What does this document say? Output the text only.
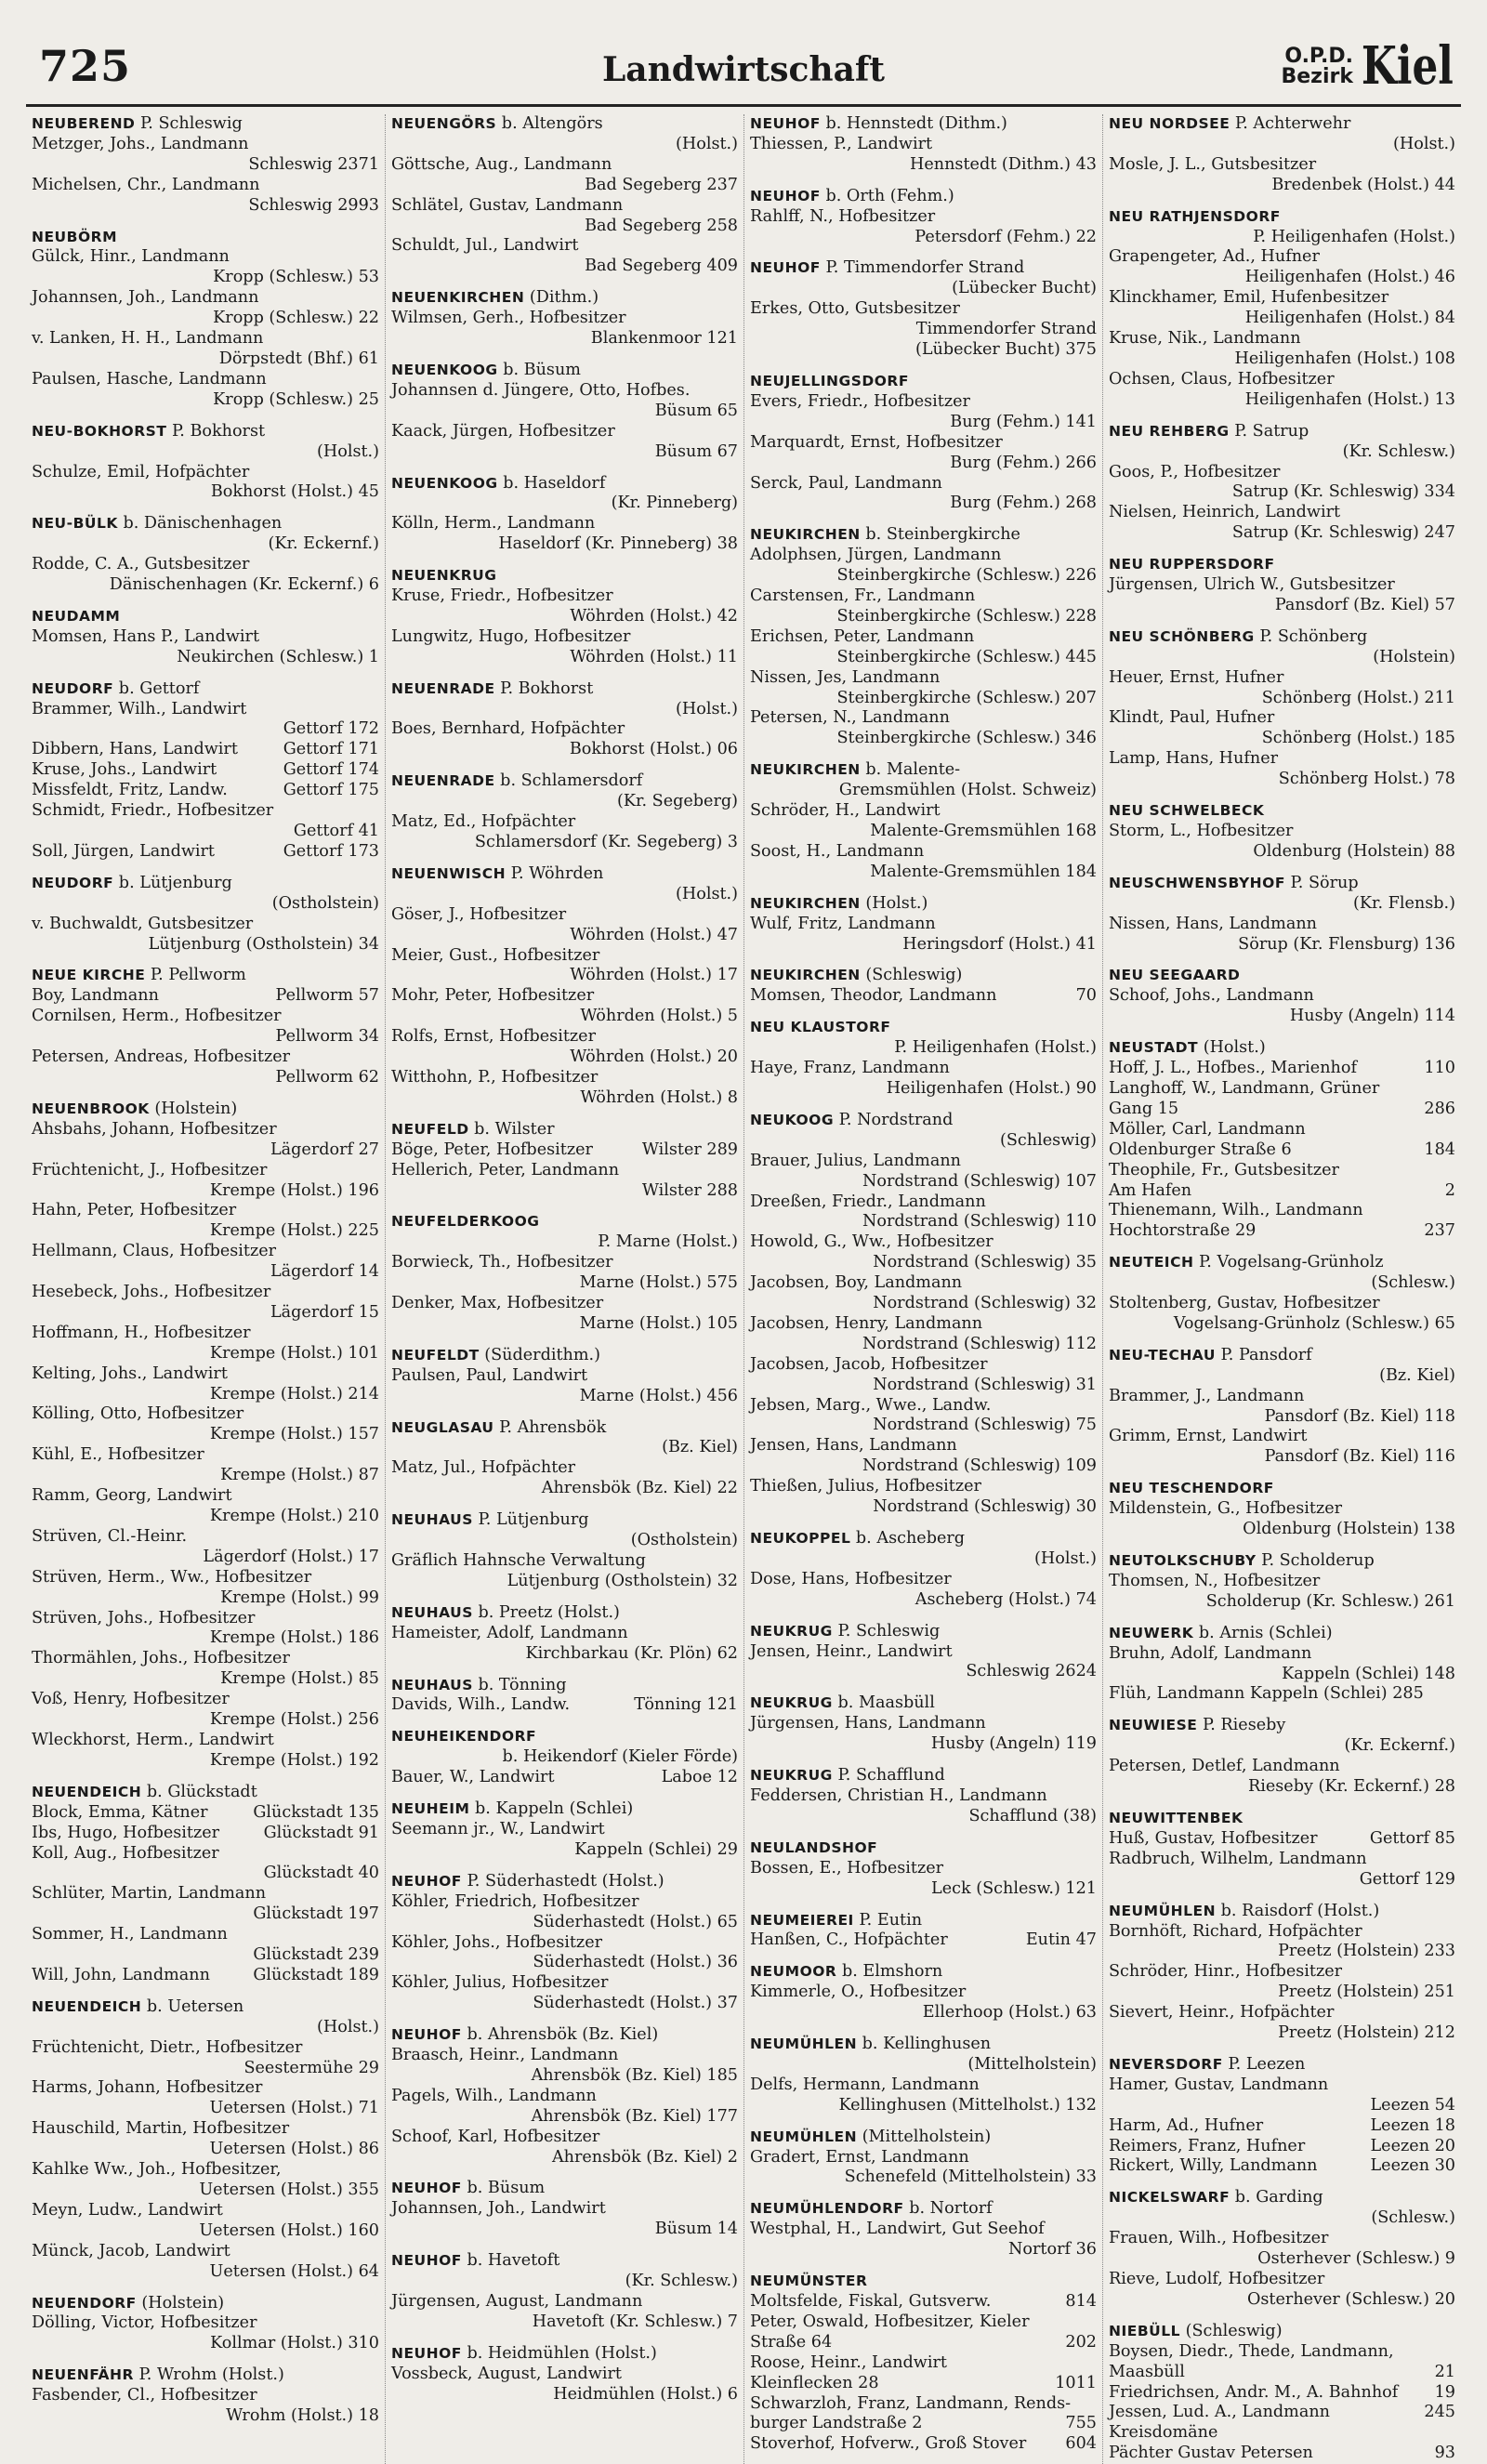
725	Landwirtschaft	O.P.D.
Bezirk Kiel
NEUBEREND P. Schleswig
Metzger, Johs., Landmann
Schleswig 2371
Michelsen, Chr., Landmann
Schleswig 2993
NEUBÖRM
Gülck, Hinr., Landmann
Kropp (Schlesw.) 53
Johannsen, Joh., Landmann
Kropp (Schlesw.) 22
v. Lanken, H. H., Landmann
Dörpstedt (Bhf.) 61
Paulsen, Hasche, Landmann
Kropp (Schlesw.) 25
NEU-BOKHORST P. Bokhorst
(Holst.)
Schulze, Emil, Hofpächter
Bokhorst (Holst.) 45
NEU-BÜLK b. Dänischenhagen
(Kr. Eckernf.)
Rodde, C. A., Gutsbesitzer
Dänischenhagen (Kr. Eckernf.) 6
NEUDAMM
Momsen, Hans P., Landwirt
Neukirchen (Schlesw.) 1
NEUDORF b. Gettorf
Brammer, Wilh., Landwirt
Gettorf 172
Dibbern, Hans, Landwirt	Gettorf 171
Kruse, Johs., Landwirt	Gettorf 174
Missfeldt, Fritz, Landw.	Gettorf 175
Schmidt, Friedr., Hofbesitzer
Gettorf 41
Soll, Jürgen, Landwirt	Gettorf 173
NEUDORF b. Lütjenburg
(Ostholstein)
v. Buchwaldt, Gutsbesitzer
Lütjenburg (Ostholstein) 34
NEUE KIRCHE P. Pellworm
Boy, Landmann	Pellworm 57
Cornilsen, Herm., Hofbesitzer
Pellworm 34
Petersen, Andreas, Hofbesitzer
Pellworm 62
NEUENBROOK (Holstein)
Ahsbahs, Johann, Hofbesitzer
Lägerdorf 27
Früchtenicht, J., Hofbesitzer
Krempe (Holst.) 196
Hahn, Peter, Hofbesitzer
Krempe (Holst.) 225
Hellmann, Claus, Hofbesitzer
Lägerdorf 14
Hesebeck, Johs., Hofbesitzer
Lägerdorf 15
Hoffmann, H., Hofbesitzer
Krempe (Holst.) 101
Kelting, Johs., Landwirt
Krempe (Holst.) 214
Kölling, Otto, Hofbesitzer
Krempe (Holst.) 157
Kühl, E., Hofbesitzer
Krempe (Holst.) 87
Ramm, Georg, Landwirt
Krempe (Holst.) 210
Strüven, Cl.-Heinr.
Lägerdorf (Holst.) 17
Strüven, Herm., Ww., Hofbesitzer
Krempe (Holst.) 99
Strüven, Johs., Hofbesitzer
Krempe (Holst.) 186
Thormählen, Johs., Hofbesitzer
Krempe (Holst.) 85
Voß, Henry, Hofbesitzer
Krempe (Holst.) 256
Wleckhorst, Herm., Landwirt
Krempe (Holst.) 192
NEUENDEICH b. Glückstadt
Block, Emma, Kätner	Glückstadt 135
Ibs, Hugo, Hofbesitzer	Glückstadt 91
Koll, Aug., Hofbesitzer
Glückstadt 40
Schlüter, Martin, Landmann
Glückstadt 197
Sommer, H., Landmann
Glückstadt 239
Will, John, Landmann	Glückstadt 189
NEUENDEICH b. Uetersen
(Holst.)
Früchtenicht, Dietr., Hofbesitzer
Seestermühe 29
Harms, Johann, Hofbesitzer
Uetersen (Holst.) 71
Hauschild, Martin, Hofbesitzer
Uetersen (Holst.) 86
Kahlke Ww., Joh., Hofbesitzer,
Uetersen (Holst.) 355
Meyn, Ludw., Landwirt
Uetersen (Holst.) 160
Münck, Jacob, Landwirt
Uetersen (Holst.) 64
NEUENDORF (Holstein)
Dölling, Victor, Hofbesitzer
Kollmar (Holst.) 310
NEUENFÄHR P. Wrohm (Holst.)
Fasbender, Cl., Hofbesitzer
Wrohm (Holst.) 18
NEUENGÖRS b. Altengörs
(Holst.)
Göttsche, Aug., Landmann
Bad Segeberg 237
Schlätel, Gustav, Landmann
Bad Segeberg 258
Schuldt, Jul., Landwirt
Bad Segeberg 409
NEUENKIRCHEN (Dithm.)
Wilmsen, Gerh., Hofbesitzer
Blankenmoor 121
NEUENKOOG b. Büsum
Johannsen d. Jüngere, Otto, Hofbes.
Büsum 65
Kaack, Jürgen, Hofbesitzer
Büsum 67
NEUENKOOG b. Haseldorf
(Kr. Pinneberg)
Kölln, Herm., Landmann
Haseldorf (Kr. Pinneberg) 38
NEUENKRUG
Kruse, Friedr., Hofbesitzer
Wöhrden (Holst.) 42
Lungwitz, Hugo, Hofbesitzer
Wöhrden (Holst.) 11
NEUENRADE P. Bokhorst
(Holst.)
Boes, Bernhard, Hofpächter
Bokhorst (Holst.) 06
NEUENRADE b. Schlamersdorf
(Kr. Segeberg)
Matz, Ed., Hofpächter
Schlamersdorf (Kr. Segeberg) 3
NEUENWISCH P. Wöhrden
(Holst.)
Göser, J., Hofbesitzer
Wöhrden (Holst.) 47
Meier, Gust., Hofbesitzer
Wöhrden (Holst.) 17
Mohr, Peter, Hofbesitzer
Wöhrden (Holst.) 5
Rolfs, Ernst, Hofbesitzer
Wöhrden (Holst.) 20
Witthohn, P., Hofbesitzer
Wöhrden (Holst.) 8
NEUFELD b. Wilster
Böge, Peter, Hofbesitzer	Wilster 289
Hellerich, Peter, Landmann
Wilster 288
NEUFELDERKOOG
P. Marne (Holst.)
Borwieck, Th., Hofbesitzer
Marne (Holst.) 575
Denker, Max, Hofbesitzer
Marne (Holst.) 105
NEUFELDT (Süderdithm.)
Paulsen, Paul, Landwirt
Marne (Holst.) 456
NEUGLASAU P. Ahrensbök
(Bz. Kiel)
Matz, Jul., Hofpächter
Ahrensbök (Bz. Kiel) 22
NEUHAUS P. Lütjenburg
(Ostholstein)
Gräflich Hahnsche Verwaltung
Lütjenburg (Ostholstein) 32
NEUHAUS b. Preetz (Holst.)
Hameister, Adolf, Landmann
Kirchbarkau (Kr. Plön) 62
NEUHAUS b. Tönning
Davids, Wilh., Landw.	Tönning 121
NEUHEIKENDORF
b. Heikendorf (Kieler Förde)
Bauer, W., Landwirt	Laboe 12
NEUHEIM b. Kappeln (Schlei)
Seemann jr., W., Landwirt
Kappeln (Schlei) 29
NEUHOF P. Süderhastedt (Holst.)
Köhler, Friedrich, Hofbesitzer
Süderhastedt (Holst.) 65
Köhler, Johs., Hofbesitzer
Süderhastedt (Holst.) 36
Köhler, Julius, Hofbesitzer
Süderhastedt (Holst.) 37
NEUHOF b. Ahrensbök (Bz. Kiel)
Braasch, Heinr., Landmann
Ahrensbök (Bz. Kiel) 185
Pagels, Wilh., Landmann
Ahrensbök (Bz. Kiel) 177
Schoof, Karl, Hofbesitzer
Ahrensbök (Bz. Kiel) 2
NEUHOF b. Büsum
Johannsen, Joh., Landwirt
Büsum 14
NEUHOF b. Havetoft
(Kr. Schlesw.)
Jürgensen, August, Landmann
Havetoft (Kr. Schlesw.) 7
NEUHOF b. Heidmühlen (Holst.)
Vossbeck, August, Landwirt
Heidmühlen (Holst.) 6
NEUHOF b. Hennstedt (Dithm.)
Thiessen, P., Landwirt
Hennstedt (Dithm.) 43
NEUHOF b. Orth (Fehm.)
Rahlff, N., Hofbesitzer
Petersdorf (Fehm.) 22
NEUHOF P. Timmendorfer Strand
(Lübecker Bucht)
Erkes, Otto, Gutsbesitzer
Timmendorfer Strand
(Lübecker Bucht) 375
NEUJELLINGSDORF
Evers, Friedr., Hofbesitzer
Burg (Fehm.) 141
Marquardt, Ernst, Hofbesitzer
Burg (Fehm.) 266
Serck, Paul, Landmann
Burg (Fehm.) 268
NEUKIRCHEN b. Steinbergkirche
Adolphsen, Jürgen, Landmann
Steinbergkirche (Schlesw.) 226
Carstensen, Fr., Landmann
Steinbergkirche (Schlesw.) 228
Erichsen, Peter, Landmann
Steinbergkirche (Schlesw.) 445
Nissen, Jes, Landmann
Steinbergkirche (Schlesw.) 207
Petersen, N., Landmann
Steinbergkirche (Schlesw.) 346
NEUKIRCHEN b. Malente-
Gremsmühlen (Holst. Schweiz)
Schröder, H., Landwirt
Malente-Gremsmühlen 168
Soost, H., Landmann
Malente-Gremsmühlen 184
NEUKIRCHEN (Holst.)
Wulf, Fritz, Landmann
Heringsdorf (Holst.) 41
NEUKIRCHEN (Schleswig)
Momsen, Theodor, Landmann	70
NEU KLAUSTORF
P. Heiligenhafen (Holst.)
Haye, Franz, Landmann
Heiligenhafen (Holst.) 90
NEUKOOG P. Nordstrand
(Schleswig)
Brauer, Julius, Landmann
Nordstrand (Schleswig) 107
Dreeßen, Friedr., Landmann
Nordstrand (Schleswig) 110
Howold, G., Ww., Hofbesitzer
Nordstrand (Schleswig) 35
Jacobsen, Boy, Landmann
Nordstrand (Schleswig) 32
Jacobsen, Henry, Landmann
Nordstrand (Schleswig) 112
Jacobsen, Jacob, Hofbesitzer
Nordstrand (Schleswig) 31
Jebsen, Marg., Wwe., Landw.
Nordstrand (Schleswig) 75
Jensen, Hans, Landmann
Nordstrand (Schleswig) 109
Thießen, Julius, Hofbesitzer
Nordstrand (Schleswig) 30
NEUKOPPEL b. Ascheberg
(Holst.)
Dose, Hans, Hofbesitzer
Ascheberg (Holst.) 74
NEUKRUG P. Schleswig
Jensen, Heinr., Landwirt
Schleswig 2624
NEUKRUG b. Maasbüll
Jürgensen, Hans, Landmann
Husby (Angeln) 119
NEUKRUG P. Schafflund
Feddersen, Christian H., Landmann
Schafflund (38)
NEULANDSHOF
Bossen, E., Hofbesitzer
Leck (Schlesw.) 121
NEUMEIEREI P. Eutin
Hanßen, C., Hofpächter	Eutin 47
NEUMOOR b. Elmshorn
Kimmerle, O., Hofbesitzer
Ellerhoop (Holst.) 63
NEUMÜHLEN b. Kellinghusen
(Mittelholstein)
Delfs, Hermann, Landmann
Kellinghusen (Mittelholst.) 132
NEUMÜHLEN (Mittelholstein)
Gradert, Ernst, Landmann
Schenefeld (Mittelholstein) 33
NEUMÜHLENDORF b. Nortorf
Westphal, H., Landwirt, Gut Seehof
Nortorf 36
NEUMÜNSTER
Moltsfelde, Fiskal, Gutsverw.	814
Peter, Oswald, Hofbesitzer, Kieler
Straße 64	202
Roose, Heinr., Landwirt
Kleinflecken 28	1011
Schwarzloh, Franz, Landmann, Rends-
burger Landstraße 2	755
Stoverhof, Hofverw., Groß Stover 604
NEU NORDSEE P. Achterwehr
(Holst.)
Mosle, J. L., Gutsbesitzer
Bredenbek (Holst.) 44
NEU RATHJENSDORF
P. Heiligenhafen (Holst.)
Grapengeter, Ad., Hufner
Heiligenhafen (Holst.) 46
Klinckhamer, Emil, Hufenbesitzer
Heiligenhafen (Holst.) 84
Kruse, Nik., Landmann
Heiligenhafen (Holst.) 108
Ochsen, Claus, Hofbesitzer
Heiligenhafen (Holst.) 13
NEU REHBERG P. Satrup
(Kr. Schlesw.)
Goos, P., Hofbesitzer
Satrup (Kr. Schleswig) 334
Nielsen, Heinrich, Landwirt
Satrup (Kr. Schleswig) 247
NEU RUPPERSDORF
Jürgensen, Ulrich W., Gutsbesitzer
Pansdorf (Bz. Kiel) 57
NEU SCHÖNBERG P. Schönberg
(Holstein)
Heuer, Ernst, Hufner
Schönberg (Holst.) 211
Klindt, Paul, Hufner
Schönberg (Holst.) 185
Lamp, Hans, Hufner
Schönberg Holst.) 78
NEU SCHWELBECK
Storm, L., Hofbesitzer
Oldenburg (Holstein) 88
NEUSCHWENSBYHOF P. Sörup
(Kr. Flensb.)
Nissen, Hans, Landmann
Sörup (Kr. Flensburg) 136
NEU SEEGAARD
Schoof, Johs., Landmann
Husby (Angeln) 114
NEUSTADT (Holst.)
Hoff, J. L., Hofbes., Marienhof	110
Langhoff, W., Landmann, Grüner
Gang 15	286
Möller, Carl, Landmann
Oldenburger Straße 6	184
Theophile, Fr., Gutsbesitzer
Am Hafen	2
Thienemann, Wilh., Landmann
Hochtorstraße 29	237
NEUTEICH P. Vogelsang-Grünholz
(Schlesw.)
Stoltenberg, Gustav, Hofbesitzer
Vogelsang-Grünholz (Schlesw.) 65
NEU-TECHAU P. Pansdorf
(Bz. Kiel)
Brammer, J., Landmann
Pansdorf (Bz. Kiel) 118
Grimm, Ernst, Landwirt
Pansdorf (Bz. Kiel) 116
NEU TESCHENDORF
Mildenstein, G., Hofbesitzer
Oldenburg (Holstein) 138
NEUTOLKSCHUBY P. Scholderup
Thomsen, N., Hofbesitzer
Scholderup (Kr. Schlesw.) 261
NEUWERK b. Arnis (Schlei)
Bruhn, Adolf, Landmann
Kappeln (Schlei) 148
Flüh, Landmann Kappeln (Schlei) 285
NEUWIESE P. Rieseby
(Kr. Eckernf.)
Petersen, Detlef, Landmann
Rieseby (Kr. Eckernf.) 28
NEUWITTENBEK
Huß, Gustav, Hofbesitzer	Gettorf 85
Radbruch, Wilhelm, Landmann
Gettorf 129
NEUMÜHLEN b. Raisdorf (Holst.)
Bornhöft, Richard, Hofpächter
Preetz (Holstein) 233
Schröder, Hinr., Hofbesitzer
Preetz (Holstein) 251
Sievert, Heinr., Hofpächter
Preetz (Holstein) 212
NEVERSDORF P. Leezen
Hamer, Gustav, Landmann
Leezen 54
Harm, Ad., Hufner	Leezen 18
Reimers, Franz, Hufner	Leezen 20
Rickert, Willy, Landmann	Leezen 30
NICKELSWARF b. Garding
(Schlesw.)
Frauen, Wilh., Hofbesitzer
Osterhever (Schlesw.) 9
Rieve, Ludolf, Hofbesitzer
Osterhever (Schlesw.) 20
NIEBÜLL (Schleswig)
Boysen, Diedr., Thede, Landmann,
Maasbüll	21
Friedrichsen, Andr. M., A. Bahnhof 19
Jessen, Lud. A., Landmann	245
Kreisdomäne
Pächter Gustav Petersen	93
